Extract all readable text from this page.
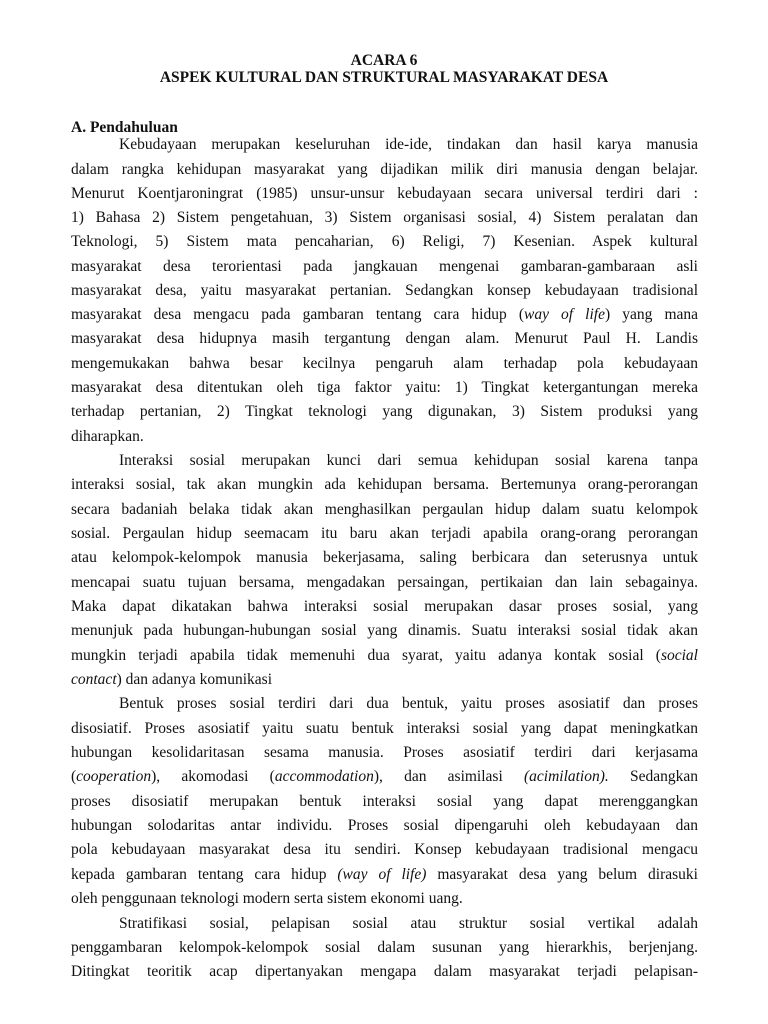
ACARA 6
ASPEK KULTURAL DAN STRUKTURAL MASYARAKAT DESA
A. Pendahuluan
Kebudayaan merupakan keseluruhan ide-ide, tindakan dan hasil karya manusia
dalam rangka kehidupan masyarakat yang dijadikan milik diri manusia dengan belajar.
Menurut Koentjaroningrat (1985) unsur-unsur kebudayaan secara universal terdiri dari :
1) Bahasa 2) Sistem pengetahuan, 3) Sistem organisasi sosial, 4) Sistem peralatan dan
Teknologi, 5) Sistem mata pencaharian, 6) Religi, 7) Kesenian. Aspek kultural
masyarakat desa terorientasi pada jangkauan mengenai gambaran-gambaraan asli
masyarakat desa, yaitu masyarakat pertanian. Sedangkan konsep kebudayaan tradisional
masyarakat desa mengacu pada gambaran tentang cara hidup (way of life) yang mana
masyarakat desa hidupnya masih tergantung dengan alam. Menurut Paul H. Landis
mengemukakan bahwa besar kecilnya pengaruh alam terhadap pola kebudayaan
masyarakat desa ditentukan oleh tiga faktor yaitu: 1) Tingkat ketergantungan mereka
terhadap pertanian, 2) Tingkat teknologi yang digunakan, 3) Sistem produksi yang
diharapkan.
Interaksi sosial merupakan kunci dari semua kehidupan sosial karena tanpa
interaksi sosial, tak akan mungkin ada kehidupan bersama. Bertemunya orang-perorangan
secara badaniah belaka tidak akan menghasilkan pergaulan hidup dalam suatu kelompok
sosial. Pergaulan hidup seemacam itu baru akan terjadi apabila orang-orang perorangan
atau kelompok-kelompok manusia bekerjasama, saling berbicara dan seterusnya untuk
mencapai suatu tujuan bersama, mengadakan persaingan, pertikaian dan lain sebagainya.
Maka dapat dikatakan bahwa interaksi sosial merupakan dasar proses sosial, yang
menunjuk pada hubungan-hubungan sosial yang dinamis. Suatu interaksi sosial tidak akan
mungkin terjadi apabila tidak memenuhi dua syarat, yaitu adanya kontak sosial (social
contact) dan adanya komunikasi
Bentuk proses sosial terdiri dari dua bentuk, yaitu proses asosiatif dan proses
disosiatif. Proses asosiatif yaitu suatu bentuk interaksi sosial yang dapat meningkatkan
hubungan kesolidaritasan sesama manusia. Proses asosiatif terdiri dari kerjasama
(cooperation), akomodasi (accommodation), dan asimilasi (acimilation). Sedangkan
proses disosiatif merupakan bentuk interaksi sosial yang dapat merenggangkan
hubungan solodaritas antar individu. Proses sosial dipengaruhi oleh kebudayaan dan
pola kebudayaan masyarakat desa itu sendiri. Konsep kebudayaan tradisional mengacu
kepada gambaran tentang cara hidup (way of life) masyarakat desa yang belum dirasuki
oleh penggunaan teknologi modern serta sistem ekonomi uang.
Stratifikasi sosial, pelapisan sosial atau struktur sosial vertikal adalah
penggambaran kelompok-kelompok sosial dalam susunan yang hierarkhis, berjenjang.
Ditingkat teoritik acap dipertanyakan mengapa dalam masyarakat terjadi pelapisan-
